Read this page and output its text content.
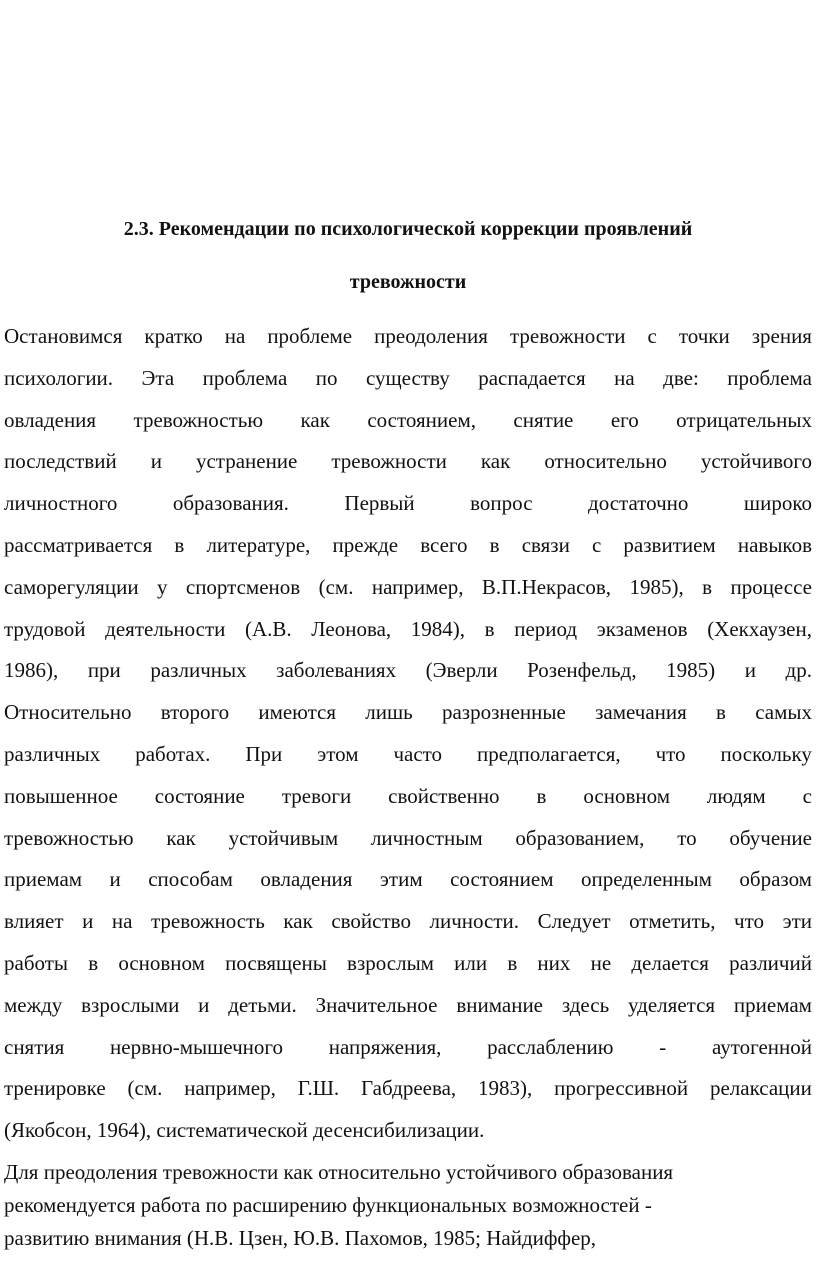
2.3. Рекомендации по психологической коррекции проявлений
тревожности
Остановимся кратко на проблеме преодоления тревожности с точки зрения
психологии. Эта проблема по существу распадается на две: проблема
овладения тревожностью как состоянием, снятие его отрицательных
последствий и устранение тревожности как относительно устойчивого
личностного	образования.	Первый	вопрос	достаточно	широко
рассматривается в литературе, прежде всего в связи с развитием навыков
саморегуляции у спортсменов (см. например, В.П.Некрасов, 1985), в процессе
трудовой деятельности (А.В. Леонова, 1984), в период экзаменов (Хекхаузен,
1986), при различных заболеваниях (Эверли Розенфельд, 1985) и др.
Относительно второго имеются лишь разрозненные замечания в самых
различных работах. При этом часто предполагается, что поскольку
повышенное состояние тревоги свойственно в основном людям с
тревожностью как устойчивым личностным образованием, то обучение
приемам и способам овладения этим состоянием определенным образом
влияет и на тревожность как свойство личности. Следует отметить, что эти
работы в основном посвящены взрослым или в них не делается различий
между взрослыми и детьми. Значительное внимание здесь уделяется приемам
снятия нервно-мышечного напряжения, расслаблению - аутогенной
тренировке (см. например, Г.Ш. Габдреева, 1983), прогрессивной релаксации
(Якобсон, 1964), систематической десенсибилизации.
Для преодоления тревожности как относительно устойчивого образования
рекомендуется работа по расширению функциональных возможностей -
развитию внимания (Н.В. Цзен, Ю.В. Пахомов, 1985; Найдиффер,
